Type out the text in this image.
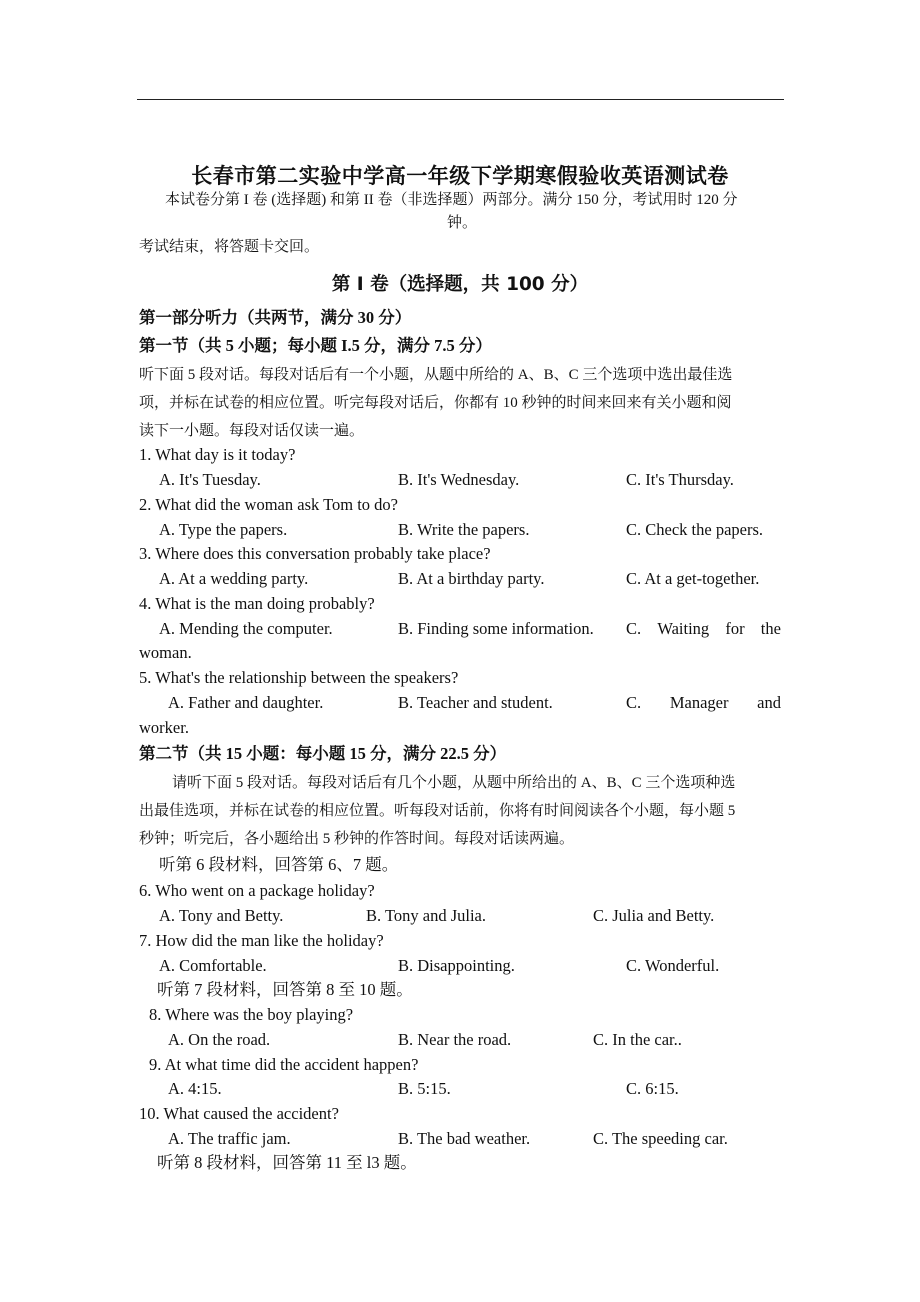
长春市第二实验中学高一年级下学期寒假验收英语测试卷
本试卷分第 I 卷 (选择题) 和第 II 卷（非选择题）两部分。满分 150 分，考试用时 120 分
钟。
考试结束，将答题卡交回。
第 I 卷（选择题，共 100 分）
第一部分听力（共两节，满分 30 分）
第一节（共 5 小题；每小题 I.5 分，满分 7.5 分）
听下面 5 段对话。每段对话后有一个小题，从题中所给的 A、B、C 三个选项中选出最佳选
项，并标在试卷的相应位置。听完每段对话后，你都有 10 秒钟的时间来回来有关小题和阅
读下一小题。每段对话仅读一遍。
1. What day is it today?
A. It's Tuesday.	B. It's Wednesday.	C. It's Thursday.
2. What did the woman ask Tom to do?
A. Type the papers.	B. Write the papers.	C. Check the papers.
3. Where does this conversation probably take place?
A. At a wedding party.	B. At a birthday party.	C. At a get-together.
4. What is the man doing probably?
A. Mending the computer.	B. Finding some information. C. Waiting for the
woman.
5. What's the relationship between the speakers?
A. Father and daughter.	B. Teacher and student.	C. Manager and
worker.
第二节（共 15 小题：每小题 15 分，满分 22.5 分）
请听下面 5 段对话。每段对话后有几个小题，从题中所给出的 A、B、C 三个选项种选
出最佳选项，并标在试卷的相应位置。听每段对话前，你将有时间阅读各个小题，每小题 5
秒钟；听完后，各小题给出 5 秒钟的作答时间。每段对话读两遍。
听第 6 段材料，回答第 6、7 题。
6. Who went on a package holiday?
A. Tony and Betty.	B. Tony and Julia.	C. Julia and Betty.
7. How did the man like the holiday?
A. Comfortable.	B. Disappointing.	C. Wonderful.
听第 7 段材料，回答第 8 至 10 题。
8. Where was the boy playing?
A. On the road.	B. Near the road.	C. In the car..
9. At what time did the accident happen?
A. 4:15.	B. 5:15.	C. 6:15.
10. What caused the accident?
A. The traffic jam.	B. The bad weather.	C. The speeding car.
听第 8 段材料，回答第 11 至 l3 题。
